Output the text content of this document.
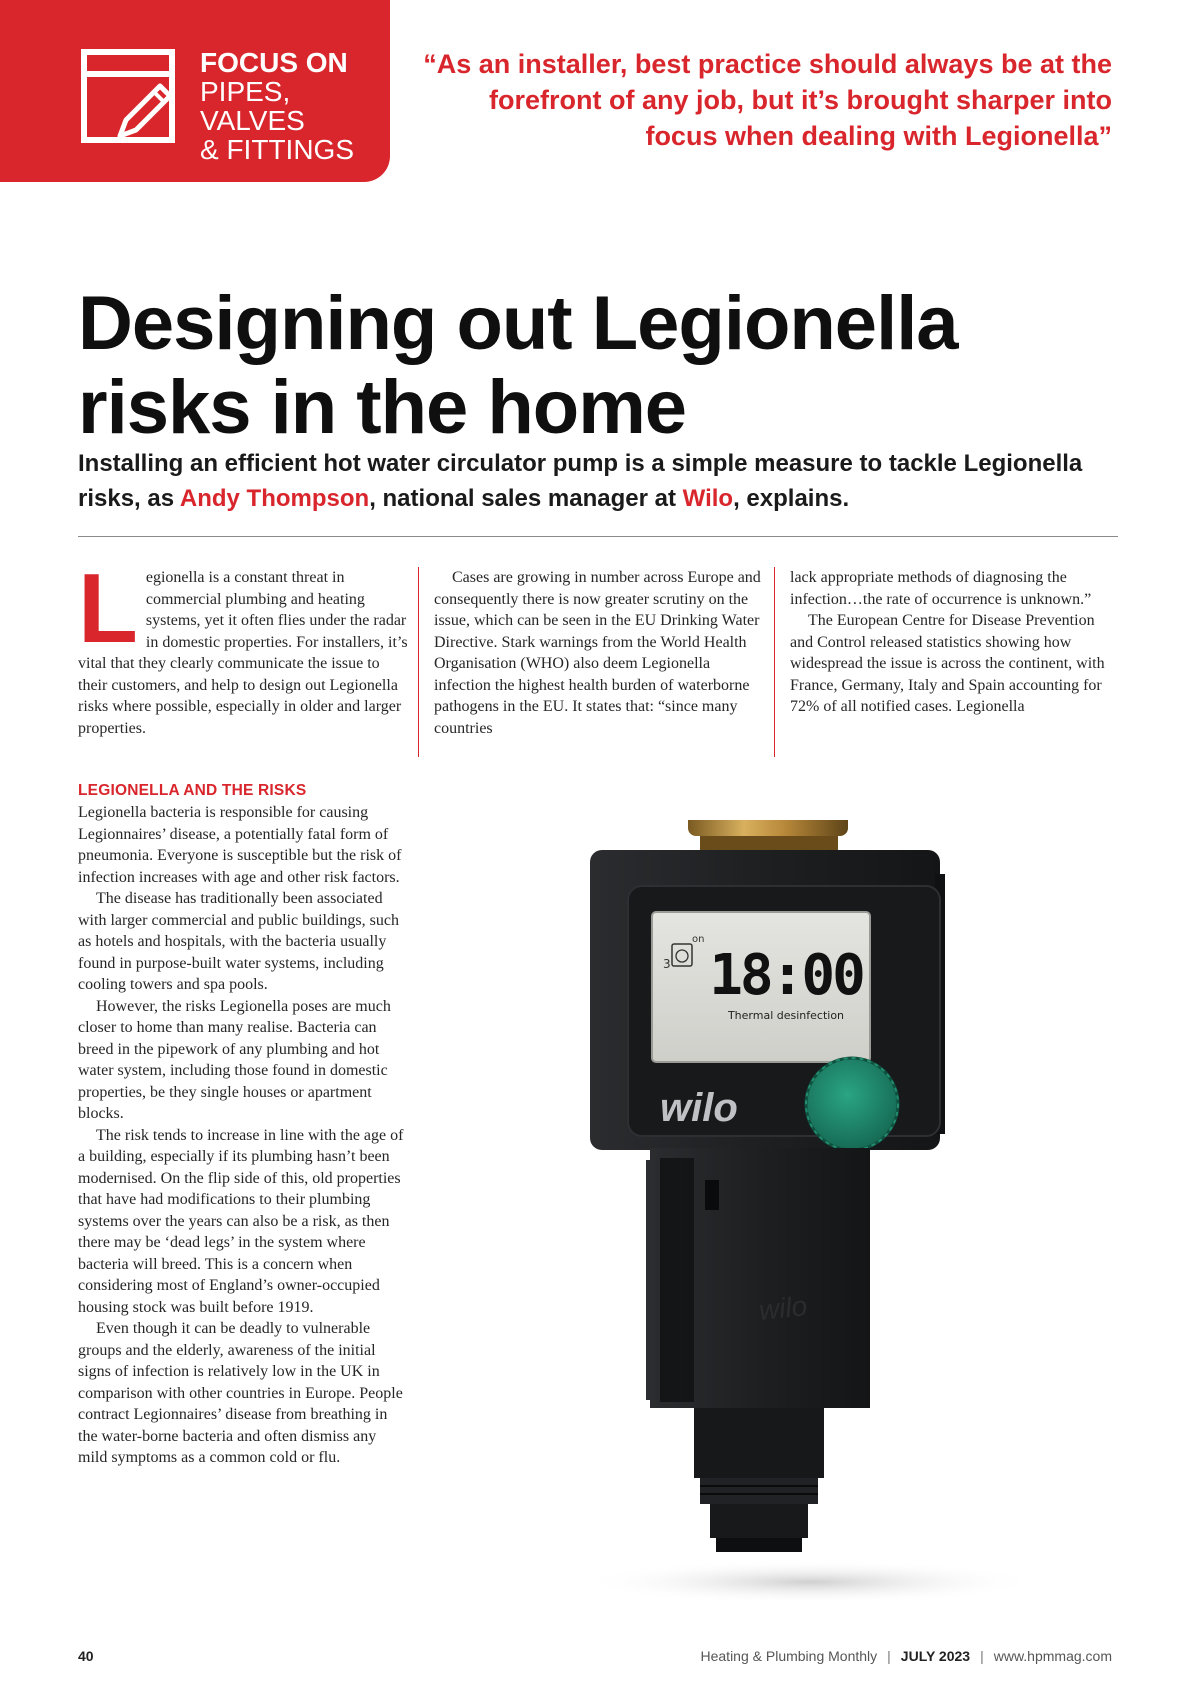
FOCUS ON
PIPES, VALVES
& FITTINGS
“As an installer, best practice should always be at the forefront of any job, but it’s brought sharper into focus when dealing with Legionella”
Designing out Legionella
risks in the home

Installing an efficient hot water circulator pump is a simple measure to tackle Legionella risks, as Andy Thompson, national sales manager at Wilo, explains.

L egionella is a constant threat in commercial plumbing and heating systems, yet it often flies under the radar in domestic properties. For installers, it’s vital that they clearly communicate the issue to their customers, and help to design out Legionella risks where possible, especially in older and larger properties.

Cases are growing in number across Europe and consequently there is now greater scrutiny on the issue, which can be seen in the EU Drinking Water Directive. Stark warnings from the World Health Organisation (WHO) also deem Legionella infection the highest health burden of waterborne pathogens in the EU. It states that: “since many countries

lack appropriate methods of diagnosing the infection…the rate of occurrence is unknown.”

The European Centre for Disease Prevention and Control released statistics showing how widespread the issue is across the continent, with France, Germany, Italy and Spain accounting for 72% of all notified cases. Legionella

LEGIONELLA AND THE RISKS

Legionella bacteria is responsible for causing Legionnaires’ disease, a potentially fatal form of pneumonia. Everyone is susceptible but the risk of infection increases with age and other risk factors.

The disease has traditionally been associated with larger commercial and public buildings, such as hotels and hospitals, with the bacteria usually found in purpose-built water systems, including cooling towers and spa pools.

However, the risks Legionella poses are much closer to home than many realise. Bacteria can breed in the pipework of any plumbing and hot water system, including those found in domestic properties, be they single houses or apartment blocks.

The risk tends to increase in line with the age of a building, especially if its plumbing hasn’t been modernised. On the flip side of this, old properties that have had modifications to their plumbing systems over the years can also be a risk, as then there may be ‘dead legs’ in the system where bacteria will breed. This is a concern when considering most of England’s owner-occupied housing stock was built before 1919.

Even though it can be deadly to vulnerable groups and the elderly, awareness of the initial signs of infection is relatively low in the UK in comparison with other countries in Europe. People contract Legionnaires’ disease from breathing in the water-borne bacteria and often dismiss any mild symptoms as a common cold or flu.

on
3 18:00
Thermal desinfection
wilo
wilo
40	Heating & Plumbing Monthly | JULY 2023 | www.hpmmag.com
